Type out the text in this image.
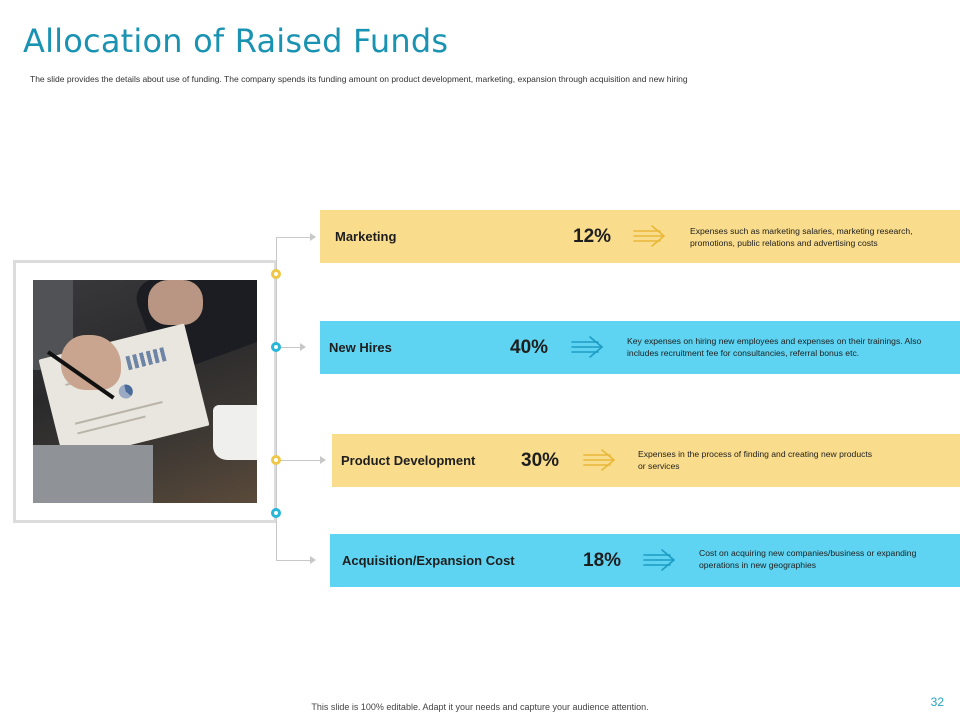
Allocation of Raised Funds

The slide provides the details about use of funding. The company spends its funding amount on product development, marketing, expansion through acquisition and new hiring

Marketing	12%	Expenses such as marketing salaries, marketing research, promotions, public relations and advertising costs
New Hires	40%	Key expenses on hiring new employees and expenses on their trainings. Also includes recruitment fee for consultancies, referral bonus etc.
Product Development 30%	Expenses in the process of finding and creating new products or services
Acquisition/Expansion Cost	18%	Cost on acquiring new companies/business or expanding operations in new geographies
This slide is 100% editable. Adapt it your needs and capture your audience attention.	32
